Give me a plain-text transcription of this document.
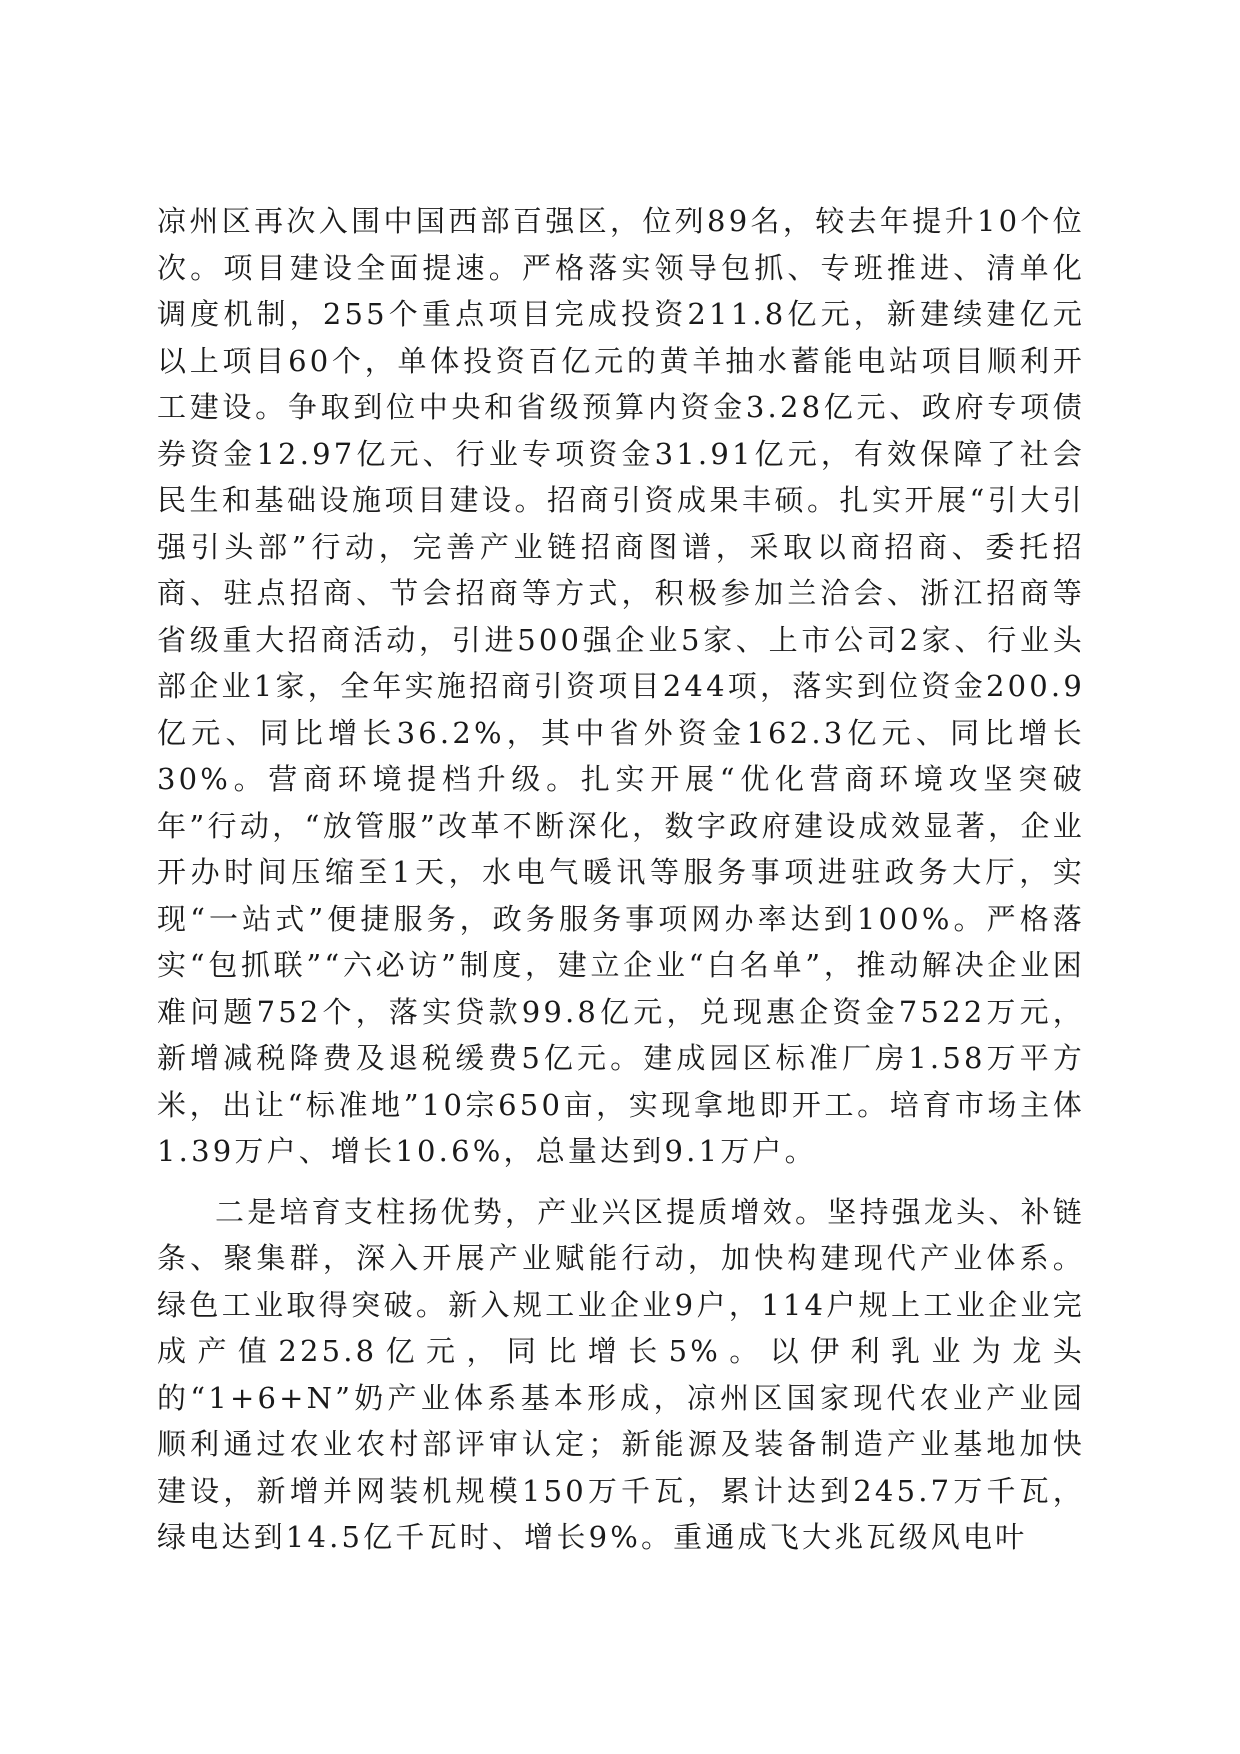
凉州区再次入围中国西部百强区，位列89名，较去年提升10个位次。项目建设全面提速。严格落实领导包抓、专班推进、清单化调度机制，255个重点项目完成投资211.8亿元，新建续建亿元以上项目60个，单体投资百亿元的黄羊抽水蓄能电站项目顺利开工建设。争取到位中央和省级预算内资金3.28亿元、政府专项债券资金12.97亿元、行业专项资金31.91亿元，有效保障了社会民生和基础设施项目建设。招商引资成果丰硕。扎实开展“引大引强引头部”行动，完善产业链招商图谱，采取以商招商、委托招商、驻点招商、节会招商等方式，积极参加兰洽会、浙江招商等省级重大招商活动，引进500强企业5家、上市公司2家、行业头部企业1家，全年实施招商引资项目244项，落实到位资金200.9亿元、同比增长36.2%，其中省外资金162.3亿元、同比增长30%。营商环境提档升级。扎实开展“优化营商环境攻坚突破年”行动，“放管服”改革不断深化，数字政府建设成效显著，企业开办时间压缩至1天，水电气暖讯等服务事项进驻政务大厅，实现“一站式”便捷服务，政务服务事项网办率达到100%。严格落实“包抓联”“六必访”制度，建立企业“白名单”，推动解决企业困难问题752个，落实贷款99.8亿元，兑现惠企资金7522万元，新增减税降费及退税缓费5亿元。建成园区标准厂房1.58万平方米，出让“标准地”10宗650亩，实现拿地即开工。培育市场主体1.39万户、增长10.6%，总量达到9.1万户。

二是培育支柱扬优势，产业兴区提质增效。坚持强龙头、补链条、聚集群，深入开展产业赋能行动，加快构建现代产业体系。绿色工业取得突破。新入规工业企业9户，114户规上工业企业完成产值225.8亿元，同比增长5%。以伊利乳业为龙头的“1+6+N”奶产业体系基本形成，凉州区国家现代农业产业园顺利通过农业农村部评审认定；新能源及装备制造产业基地加快建设，新增并网装机规模150万千瓦，累计达到245.7万千瓦，绿电达到14.5亿千瓦时、增长9%。重通成飞大兆瓦级风电叶
